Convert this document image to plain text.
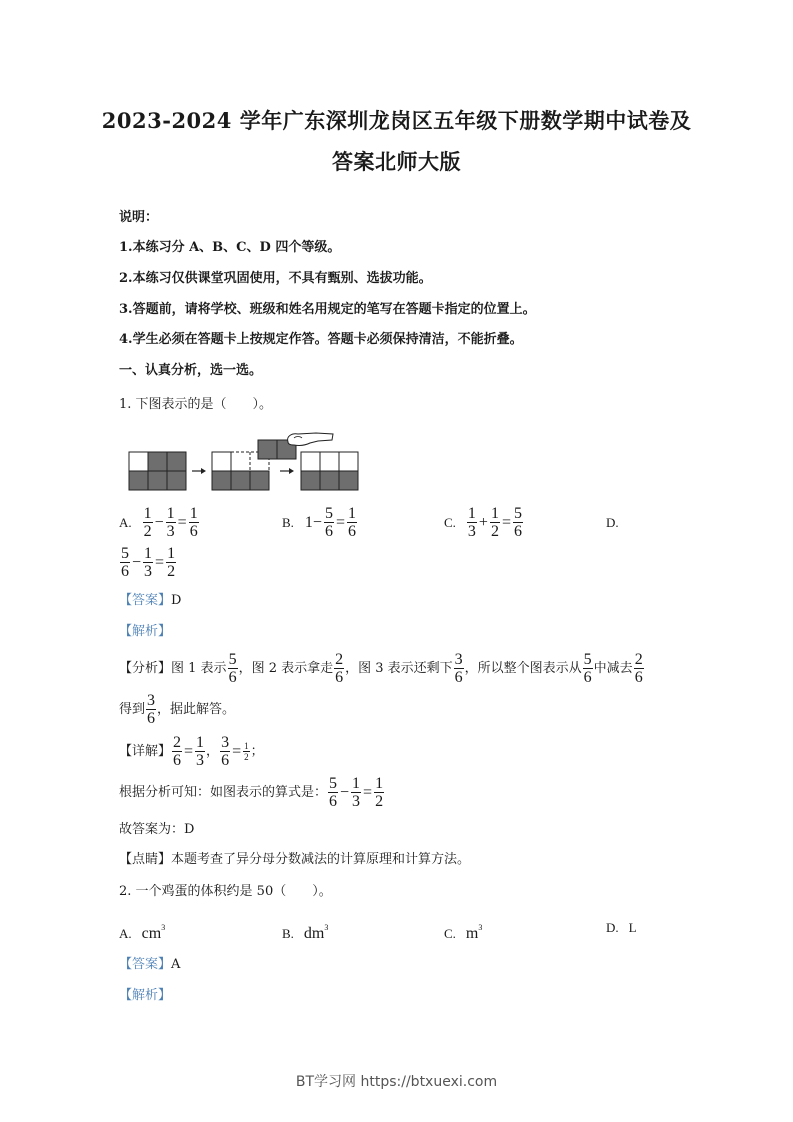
2023-2024 学年广东深圳龙岗区五年级下册数学期中试卷及
答案北师大版
说明：
1.本练习分 A、B、C、D 四个等级。
2.本练习仅供课堂巩固使用，不具有甄别、选拔功能。
3.答题前，请将学校、班级和姓名用规定的笔写在答题卡指定的位置上。
4.学生必须在答题卡上按规定作答。答题卡必须保持清洁，不能折叠。
一、认真分析，选一选。
1. 下图表示的是（　　）。
A. $\frac{1}{2} - \frac{1}{3} = \frac{1}{6}$	B. $1- \frac{5}{6} = \frac{1}{6}$	C. $\frac{1}{3} + \frac{1}{2} = \frac{5}{6}$	D.
$\frac{5}{6} - \frac{1}{3} = \frac{1}{2}$
【答案】D
【解析】
【分析】 图 1 表示 $\frac{5}{6}$ ，图 2 表示拿走 $\frac{2}{6}$ ，图 3 表示还剩下 $\frac{3}{6}$ ，所以整个图表示从 $\frac{5}{6}$ 中减去 $\frac{2}{6}$
得到 $\frac{3}{6}$ ，据此解答。
【详解】 $\frac{2}{6} = \frac{1}{3}$ ， $\frac{3}{6} = \frac{1}{2}$ ；
根据分析可知：如图表示的算式是： $\frac{5}{6} - \frac{1}{3} = \frac{1}{2}$
故答案为：D
【点睛】本题考查了异分母分数减法的计算原理和计算方法。
2. 一个鸡蛋的体积约是 50（　　）。
A. $cm^3$	B. $dm^3$	C. $m^3$	D. L
【答案】A
【解析】
BT学习网 https://btxuexi.com
